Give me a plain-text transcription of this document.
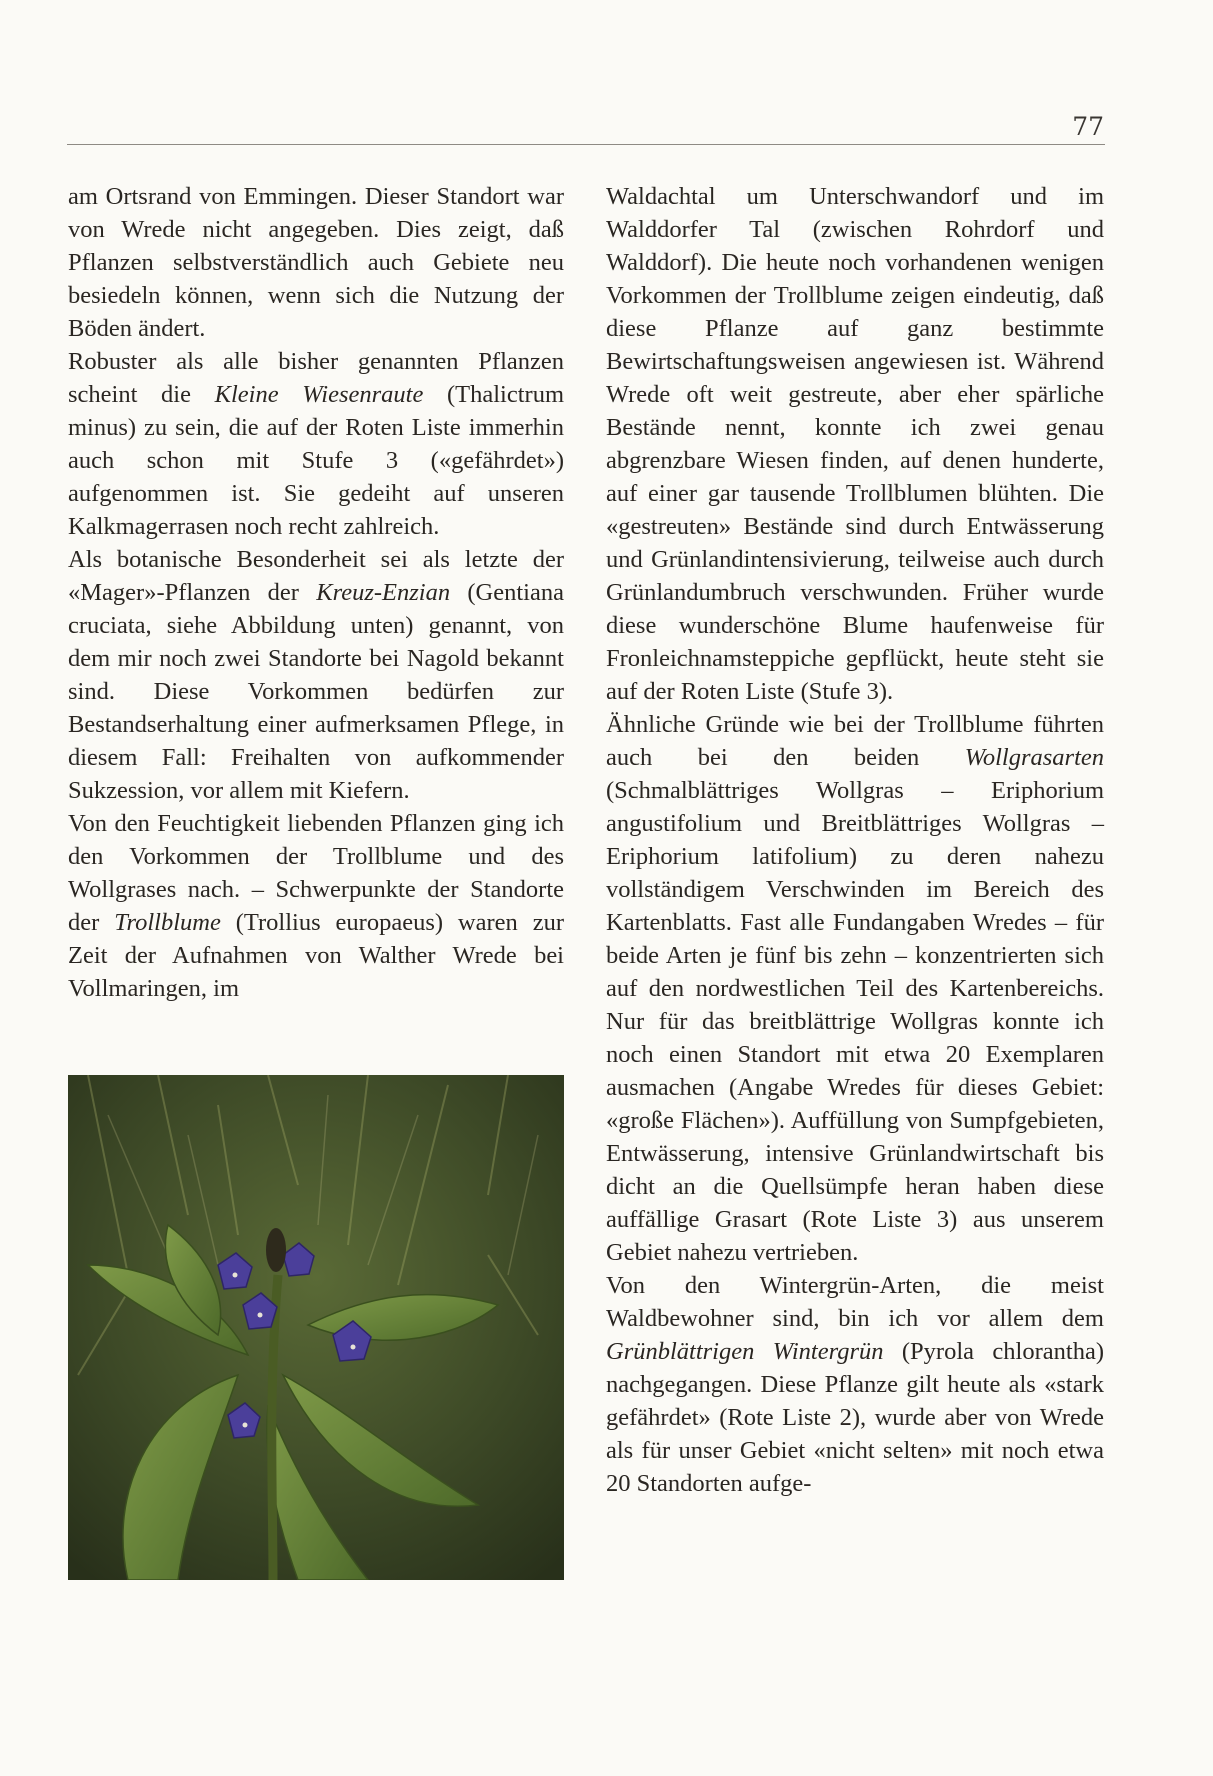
77

am Ortsrand von Emmingen. Dieser Standort war von Wrede nicht angegeben. Dies zeigt, daß Pflanzen selbstverständlich auch Gebiete neu besiedeln können, wenn sich die Nutzung der Böden ändert.

Robuster als alle bisher genannten Pflanzen scheint die Kleine Wiesenraute (Thalictrum minus) zu sein, die auf der Roten Liste immerhin auch schon mit Stufe 3 («gefährdet») aufgenommen ist. Sie gedeiht auf unseren Kalkmagerrasen noch recht zahlreich.

Als botanische Besonderheit sei als letzte der «Mager»-Pflanzen der Kreuz-Enzian (Gentiana cruciata, siehe Abbildung unten) genannt, von dem mir noch zwei Standorte bei Nagold bekannt sind. Diese Vorkommen bedürfen zur Bestandserhaltung einer aufmerksamen Pflege, in diesem Fall: Freihalten von aufkommender Sukzession, vor allem mit Kiefern.

Von den Feuchtigkeit liebenden Pflanzen ging ich den Vorkommen der Trollblume und des Wollgrases nach. – Schwerpunkte der Standorte der Trollblume (Trollius europaeus) waren zur Zeit der Aufnahmen von Walther Wrede bei Vollmaringen, im

Waldachtal um Unterschwandorf und im Walddorfer Tal (zwischen Rohrdorf und Walddorf). Die heute noch vorhandenen wenigen Vorkommen der Trollblume zeigen eindeutig, daß diese Pflanze auf ganz bestimmte Bewirtschaftungsweisen angewiesen ist. Während Wrede oft weit gestreute, aber eher spärliche Bestände nennt, konnte ich zwei genau abgrenzbare Wiesen finden, auf denen hunderte, auf einer gar tausende Trollblumen blühten. Die «gestreuten» Bestände sind durch Entwässerung und Grünlandintensivierung, teilweise auch durch Grünlandumbruch verschwunden. Früher wurde diese wunderschöne Blume haufenweise für Fronleichnamsteppiche gepflückt, heute steht sie auf der Roten Liste (Stufe 3).

Ähnliche Gründe wie bei der Trollblume führten auch bei den beiden Wollgrasarten (Schmalblättriges Wollgras – Eriphorium angustifolium und Breitblättriges Wollgras – Eriphorium latifolium) zu deren nahezu vollständigem Verschwinden im Bereich des Kartenblatts. Fast alle Fundangaben Wredes – für beide Arten je fünf bis zehn – konzentrierten sich auf den nordwestlichen Teil des Kartenbereichs. Nur für das breitblättrige Wollgras konnte ich noch einen Standort mit etwa 20 Exemplaren ausmachen (Angabe Wredes für dieses Gebiet: «große Flächen»). Auffüllung von Sumpfgebieten, Entwässerung, intensive Grünlandwirtschaft bis dicht an die Quellsümpfe heran haben diese auffällige Grasart (Rote Liste 3) aus unserem Gebiet nahezu vertrieben.

Von den Wintergrün-Arten, die meist Waldbewohner sind, bin ich vor allem dem Grünblättrigen Wintergrün (Pyrola chlorantha) nachgegangen. Diese Pflanze gilt heute als «stark gefährdet» (Rote Liste 2), wurde aber von Wrede als für unser Gebiet «nicht selten» mit noch etwa 20 Standorten aufge-
